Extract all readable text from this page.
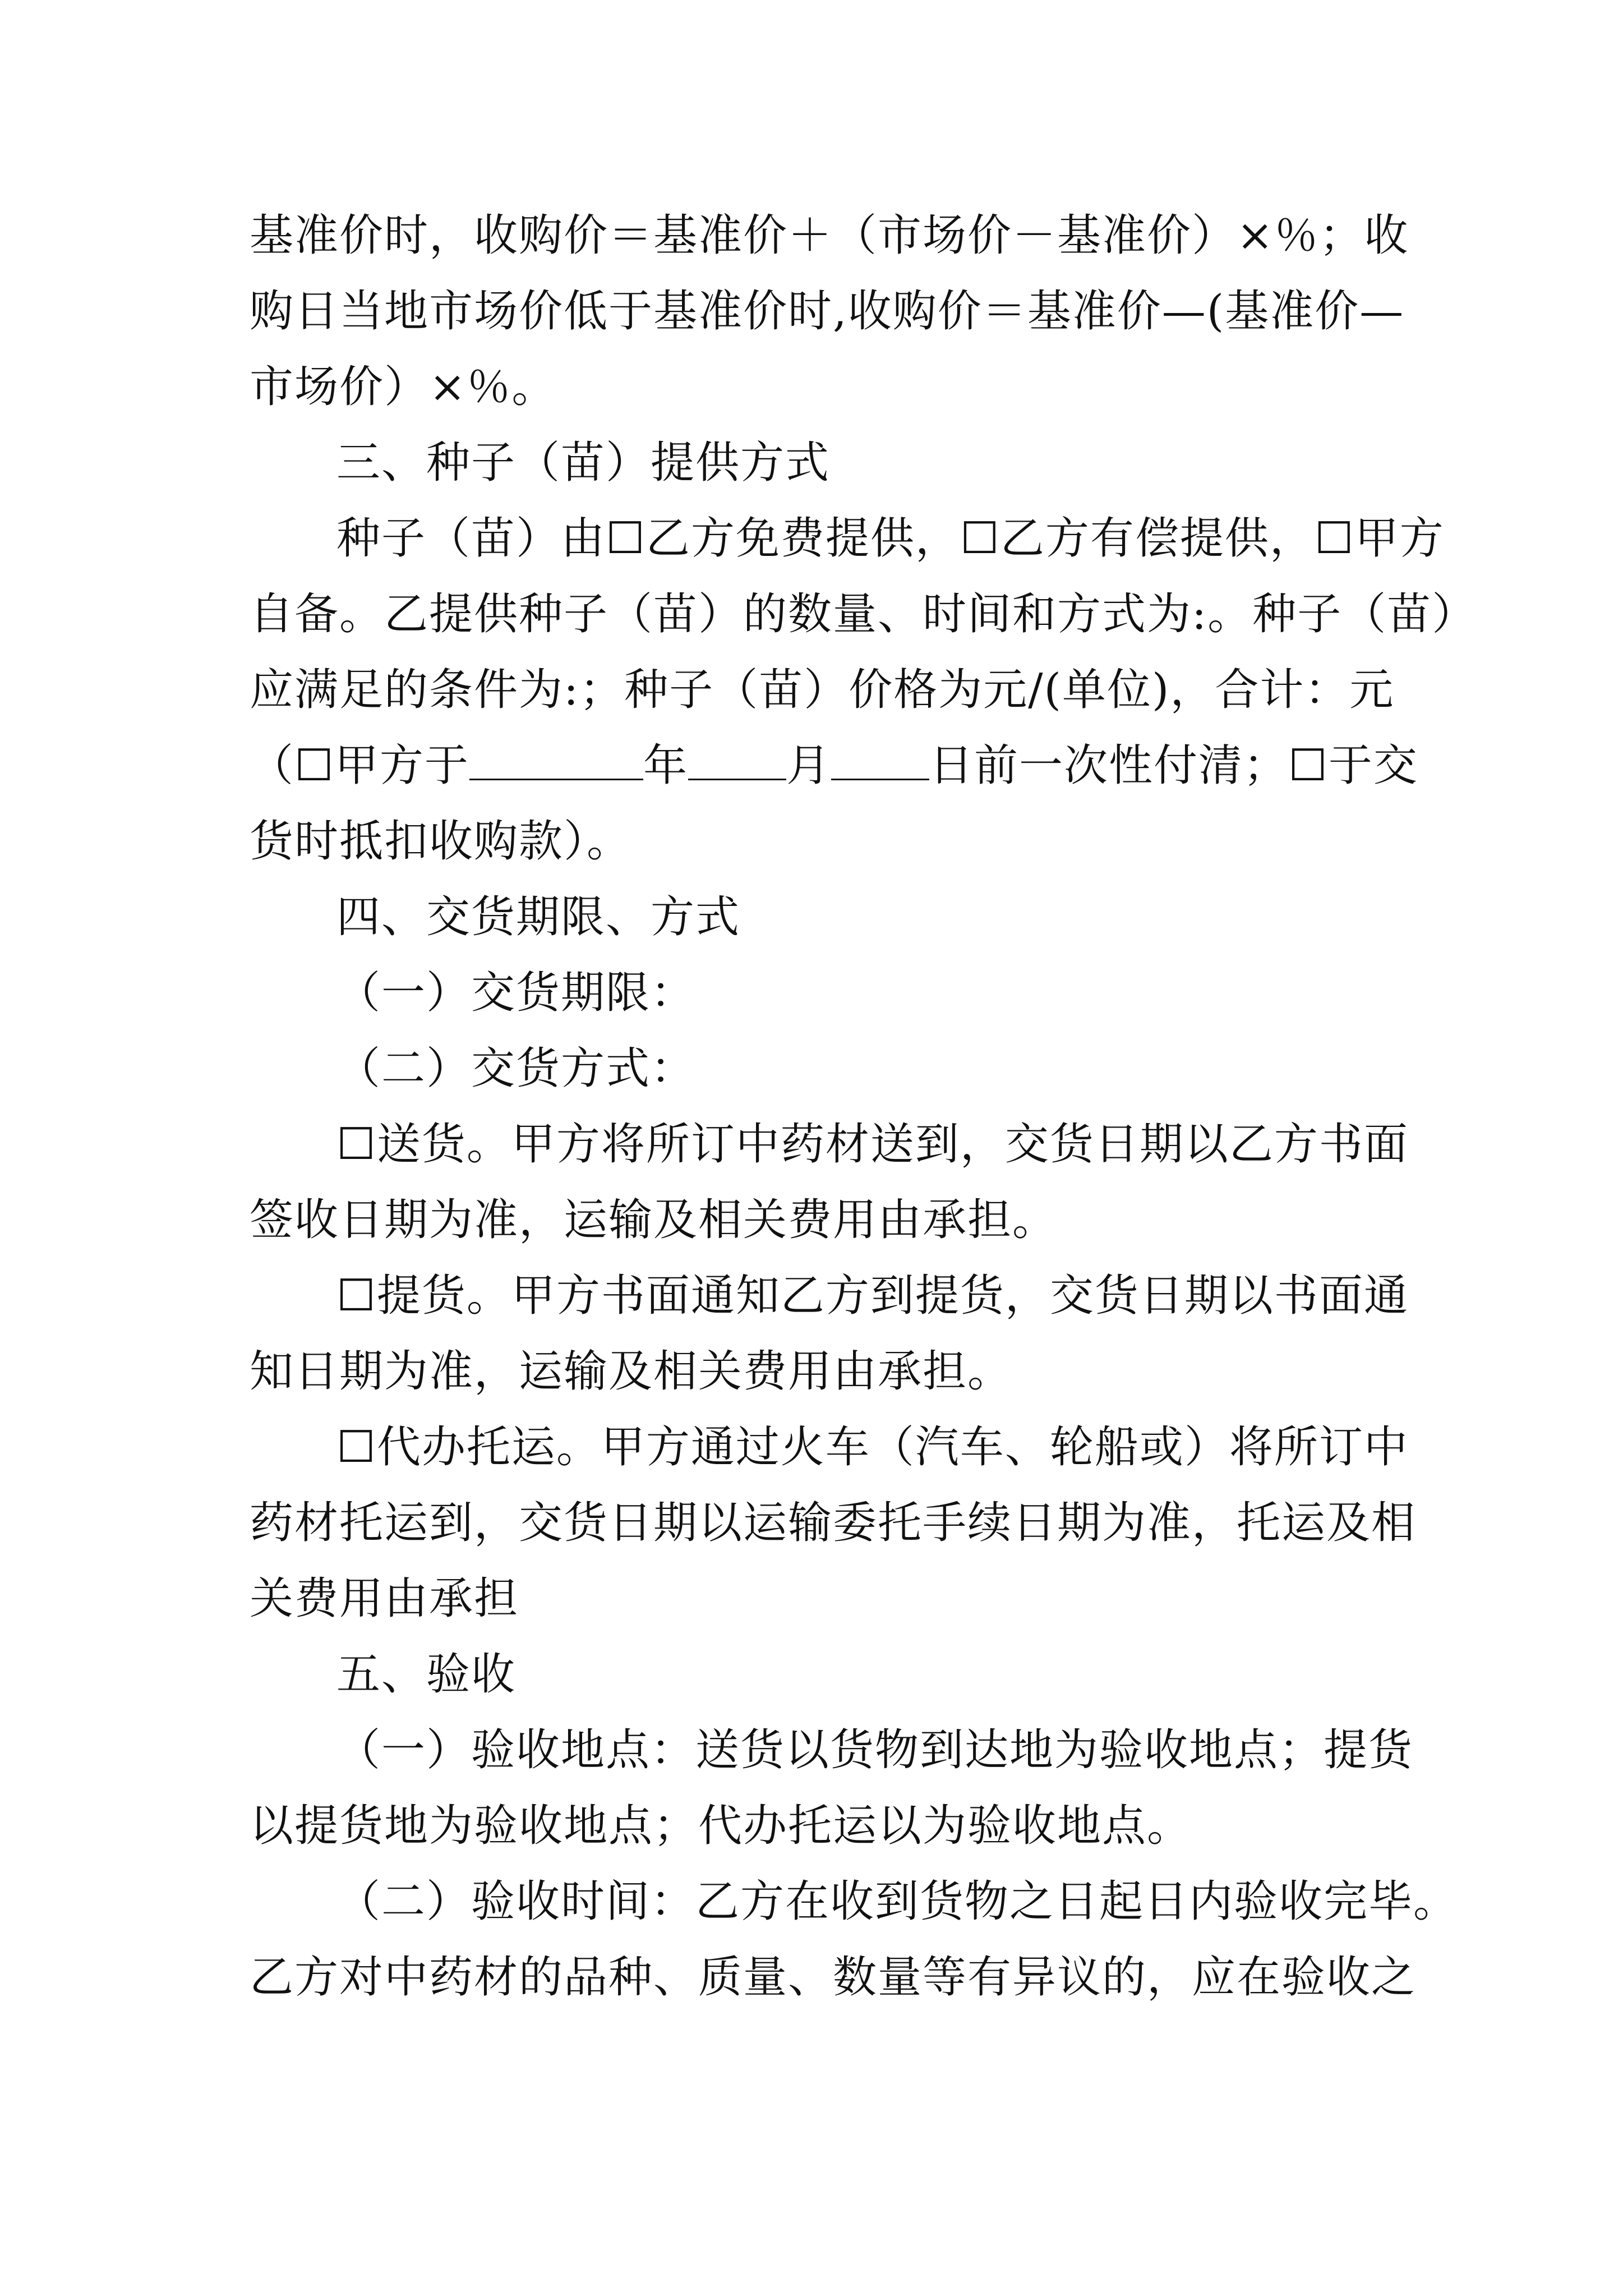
基准价时，收购价＝基准价＋（市场价－基准价）×％；收
购日当地市场价低于基准价时,收购价＝基准价—(基准价—
市场价）×％。
三、种子（苗）提供方式
种子（苗）由☐乙方免费提供，☐乙方有偿提供，☐甲方
自备。乙提供种子（苗）的数量、时间和方式为:。种子（苗）
应满足的条件为:；种子（苗）价格为元/(单位)，合计：元
（☐甲方于	年 月 日前一次性付清；☐于交
货时抵扣收购款）。
四、交货期限、方式
（一）交货期限：
（二）交货方式：
☐送货。甲方将所订中药材送到，交货日期以乙方书面
签收日期为准，运输及相关费用由承担。
☐提货。甲方书面通知乙方到提货，交货日期以书面通
知日期为准，运输及相关费用由承担。
☐代办托运。甲方通过火车（汽车、轮船或）将所订中
药材托运到，交货日期以运输委托手续日期为准，托运及相
关费用由承担
五、验收
（一）验收地点：送货以货物到达地为验收地点；提货
以提货地为验收地点；代办托运以为验收地点。
（二）验收时间：乙方在收到货物之日起日内验收完毕。
乙方对中药材的品种、质量、数量等有异议的，应在验收之
